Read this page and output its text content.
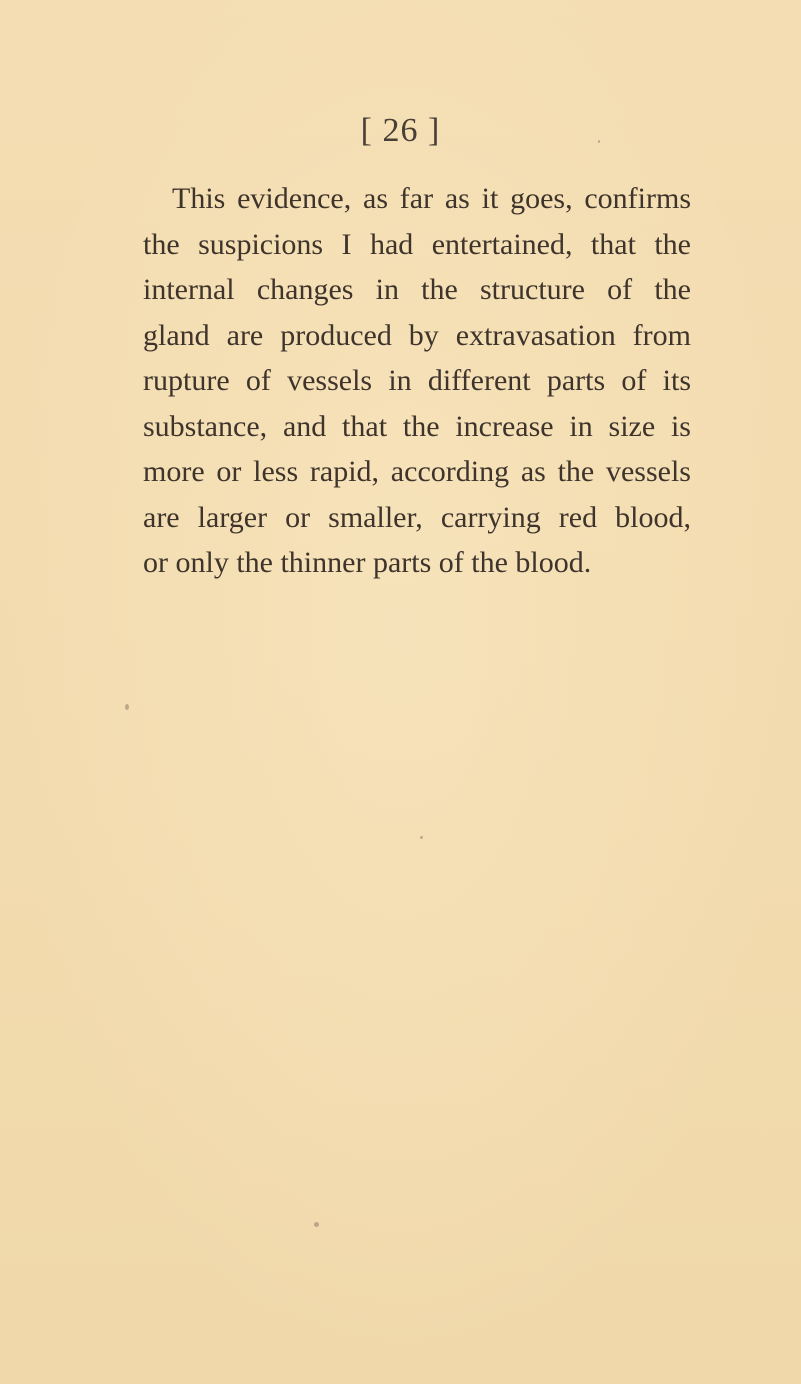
[ 26 ]
This evidence, as far as it goes, confirms
the suspicions I had entertained, that the
internal changes in the structure of the
gland are produced by extravasation from
rupture of vessels in different parts of its
substance, and that the increase in size is
more or less rapid, according as the vessels
are larger or smaller, carrying red blood,
or only the thinner parts of the blood.
